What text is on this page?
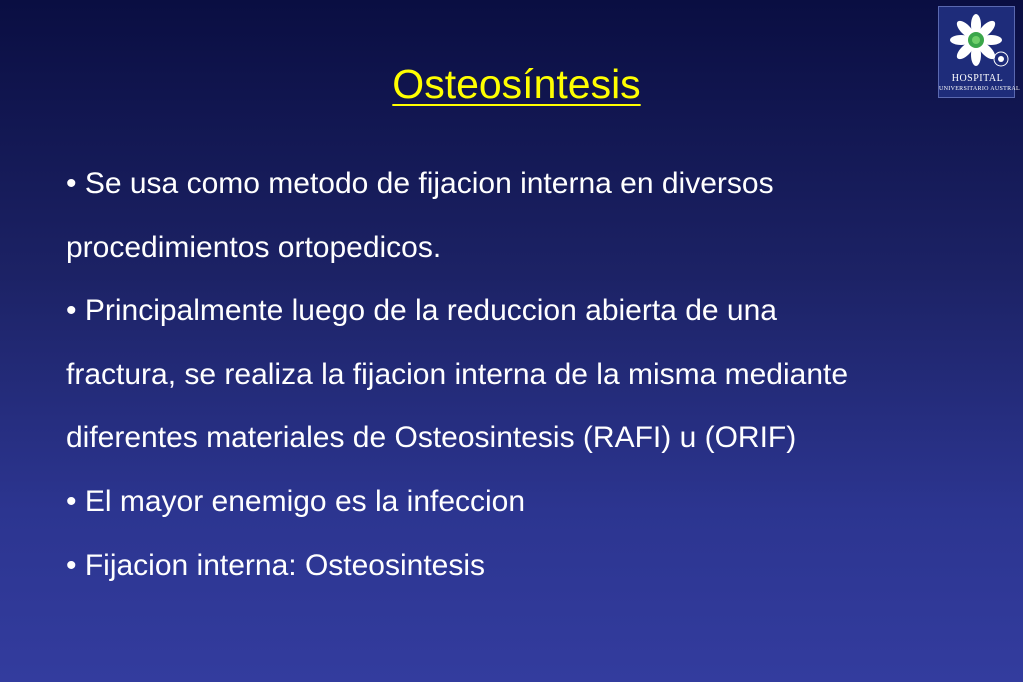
Osteosíntesis
• Se usa como metodo de fijacion interna en diversos
procedimientos ortopedicos.
• Principalmente luego de la reduccion abierta de una
fractura, se realiza la fijacion interna de la misma mediante
diferentes materiales de Osteosintesis (RAFI) u (ORIF)
• El mayor enemigo es la infeccion
• Fijacion interna: Osteosintesis
HOSPITAL
UNIVERSITARIO AUSTRAL
